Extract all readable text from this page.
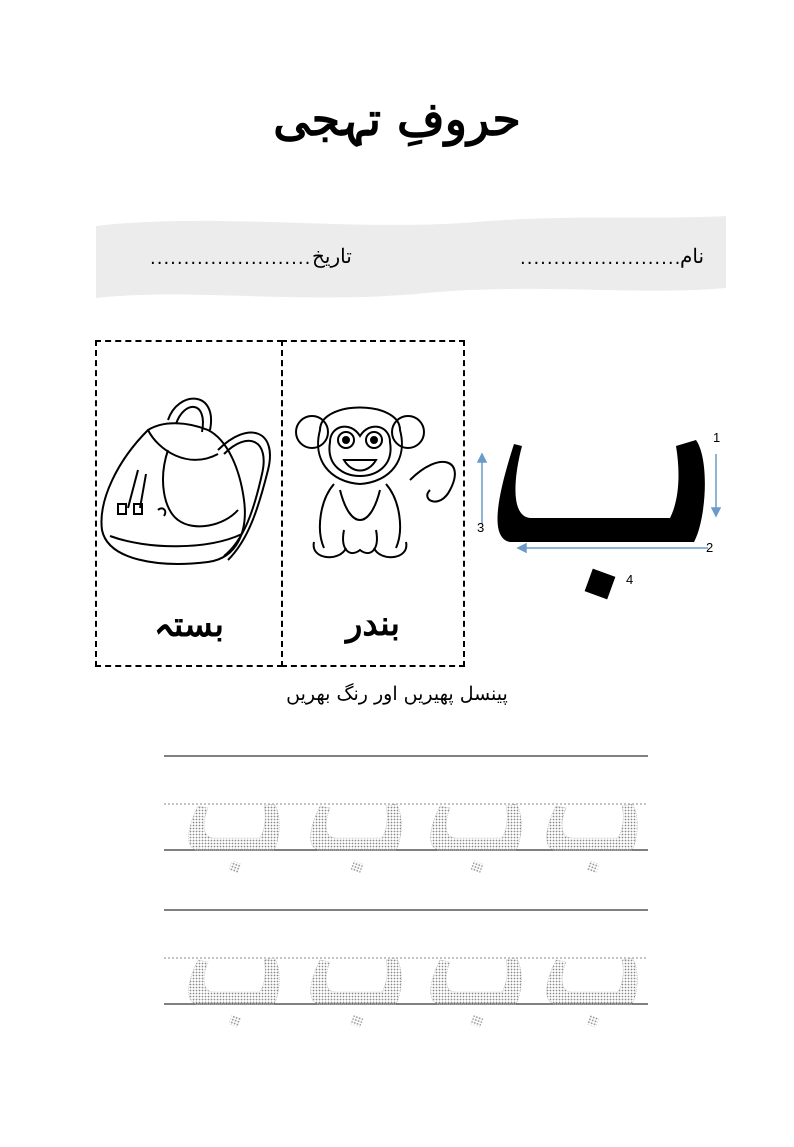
حروفِ تہجی
نام
........................
تاریخ
........................
بستہ	بندر
1
2
3
4
پینسل پھیریں اور رنگ بھریں
